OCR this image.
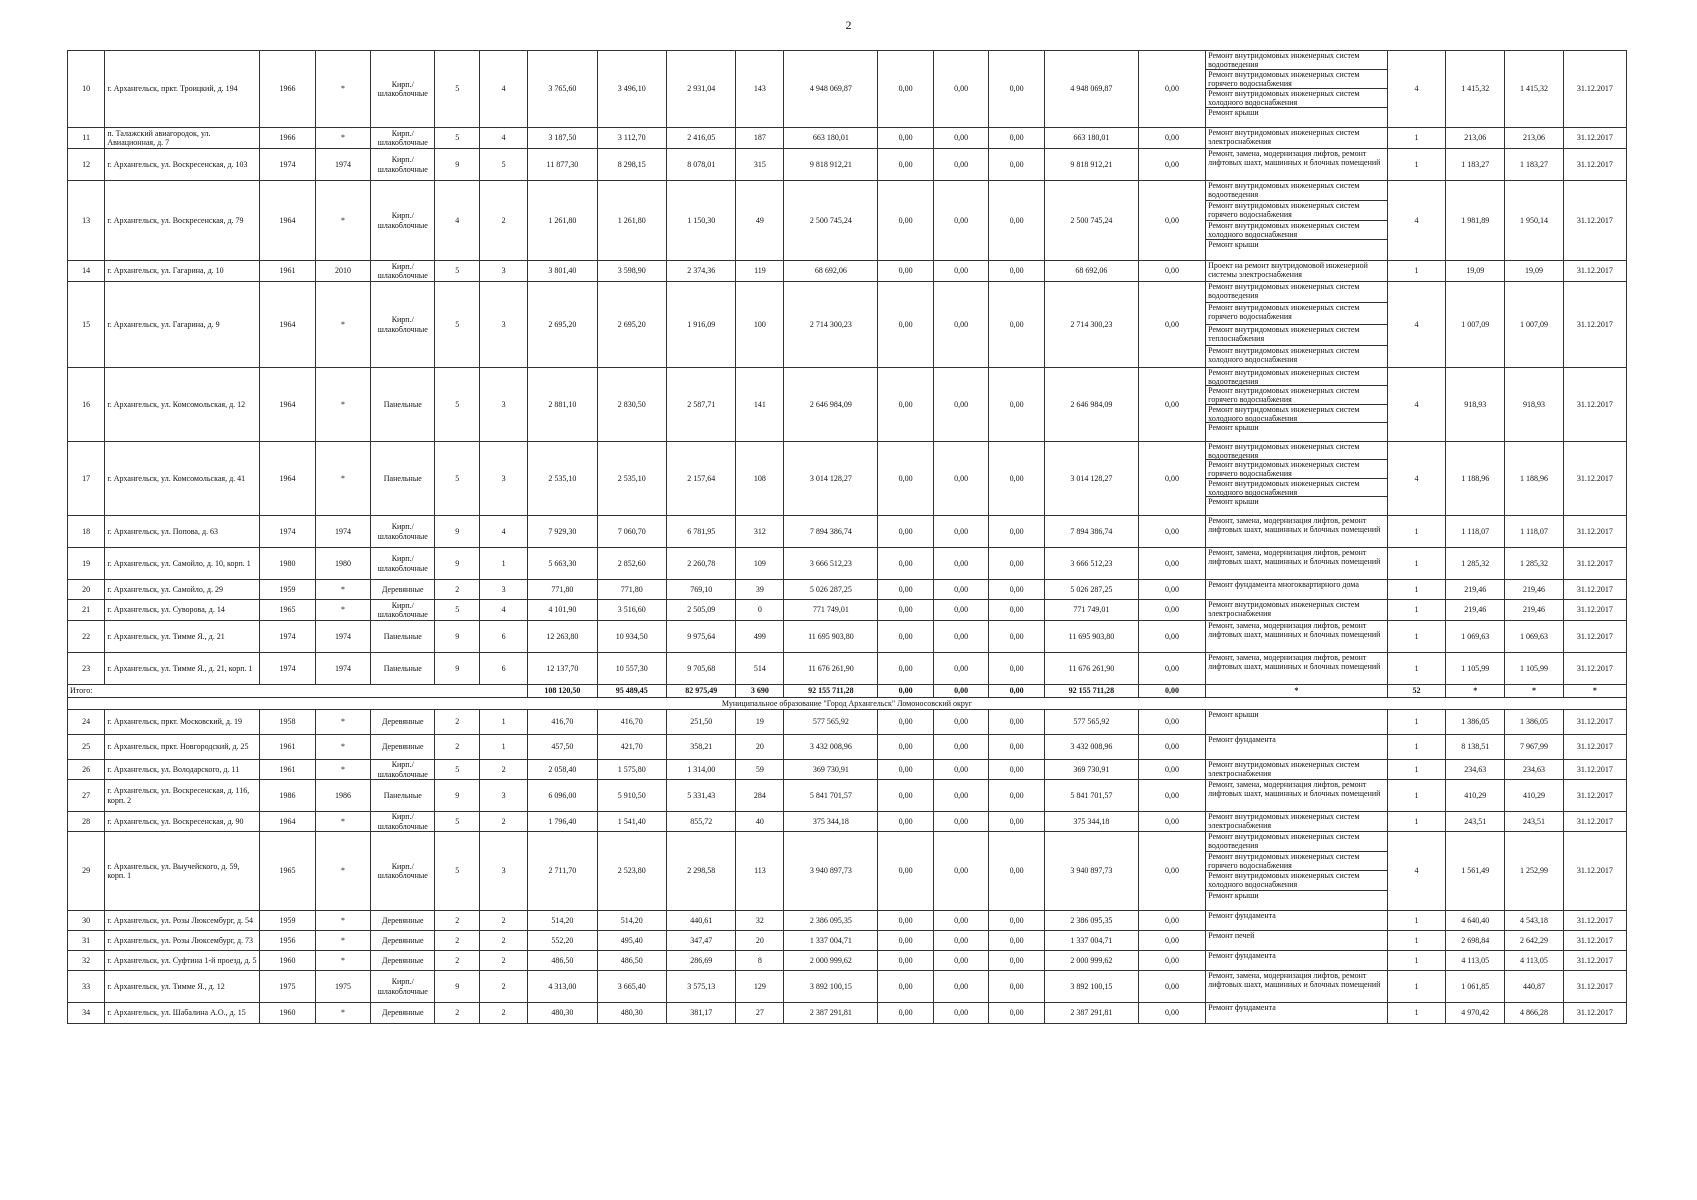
2
10	г. Архангельск, пркт. Троицкий, д. 194	1966	*	Кирп./ шлакоблочные	5	4	3 765,60	3 496,10	2 931,04	143	4 948 069,87	0,00	0,00	0,00	4 948 069,87	0,00	Ремонт внутридомовых инженерных систем водоотведения
Ремонт внутридомовых инженерных систем горячего водоснабжения
Ремонт внутридомовых инженерных систем холодного водоснабжения
Ремонт крыши	4	1 415,32	1 415,32	31.12.2017
11	п. Талажский авиагородок, ул. Авиационная, д. 7	1966	*	Кирп./ шлакоблочные	5	4	3 187,50	3 112,70	2 416,05	187	663 180,01	0,00	0,00	0,00	663 180,01	0,00	Ремонт внутридомовых инженерных систем электроснабжения	1	213,06	213,06	31.12.2017
12	г. Архангельск, ул. Воскресенская, д. 103	1974	1974	Кирп./ шлакоблочные	9	5	11 877,30	8 298,15	8 078,01	315	9 818 912,21	0,00	0,00	0,00	9 818 912,21	0,00	Ремонт, замена, модернизация лифтов, ремонт лифтовых шахт, машинных и блочных помещений	1	1 183,27	1 183,27	31.12.2017
13	г. Архангельск, ул. Воскресенская, д. 79	1964	*	Кирп./ шлакоблочные	4	2	1 261,80	1 261,80	1 150,30	49	2 500 745,24	0,00	0,00	0,00	2 500 745,24	0,00	Ремонт внутридомовых инженерных систем водоотведения
Ремонт внутридомовых инженерных систем горячего водоснабжения
Ремонт внутридомовых инженерных систем холодного водоснабжения
Ремонт крыши	4	1 981,89	1 950,14	31.12.2017
14	г. Архангельск, ул. Гагарина, д. 10	1961	2010	Кирп./ шлакоблочные	5	3	3 801,40	3 598,90	2 374,36	119	68 692,06	0,00	0,00	0,00	68 692,06	0,00	Проект на ремонт внутридомовой инженерной системы электроснабжения	1	19,09	19,09	31.12.2017
15	г. Архангельск, ул. Гагарина, д. 9	1964	*	Кирп./ шлакоблочные	5	3	2 695,20	2 695,20	1 916,09	100	2 714 300,23	0,00	0,00	0,00	2 714 300,23	0,00	Ремонт внутридомовых инженерных систем водоотведения
Ремонт внутридомовых инженерных систем горячего водоснабжения
Ремонт внутридомовых инженерных систем теплоснабжения
Ремонт внутридомовых инженерных систем холодного водоснабжения	4	1 007,09	1 007,09	31.12.2017
16	г. Архангельск, ул. Комсомольская, д. 12	1964	*	Панельные	5	3	2 881,10	2 830,50	2 587,71	141	2 646 984,09	0,00	0,00	0,00	2 646 984,09	0,00	Ремонт внутридомовых инженерных систем водоотведения
Ремонт внутридомовых инженерных систем горячего водоснабжения
Ремонт внутридомовых инженерных систем холодного водоснабжения
Ремонт крыши	4	918,93	918,93	31.12.2017
17	г. Архангельск, ул. Комсомольская, д. 41	1964	*	Панельные	5	3	2 535,10	2 535,10	2 157,64	108	3 014 128,27	0,00	0,00	0,00	3 014 128,27	0,00	Ремонт внутридомовых инженерных систем водоотведения
Ремонт внутридомовых инженерных систем горячего водоснабжения
Ремонт внутридомовых инженерных систем холодного водоснабжения
Ремонт крыши	4	1 188,96	1 188,96	31.12.2017
18	г. Архангельск, ул. Попова, д. 63	1974	1974	Кирп./ шлакоблочные	9	4	7 929,30	7 060,70	6 781,95	312	7 894 386,74	0,00	0,00	0,00	7 894 386,74	0,00	Ремонт, замена, модернизация лифтов, ремонт лифтовых шахт, машинных и блочных помещений	1	1 118,07	1 118,07	31.12.2017
19	г. Архангельск, ул. Самойло, д. 10, корп. 1	1980	1980	Кирп./ шлакоблочные	9	1	5 663,30	2 852,60	2 260,78	109	3 666 512,23	0,00	0,00	0,00	3 666 512,23	0,00	Ремонт, замена, модернизация лифтов, ремонт лифтовых шахт, машинных и блочных помещений	1	1 285,32	1 285,32	31.12.2017
20	г. Архангельск, ул. Самойло, д. 29	1959	*	Деревянные	2	3	771,80	771,80	769,10	39	5 026 287,25	0,00	0,00	0,00	5 026 287,25	0,00	Ремонт фундамента многоквартирного дома	1	219,46	219,46	31.12.2017
21	г. Архангельск, ул. Суворова, д. 14	1965	*	Кирп./ шлакоблочные	5	4	4 101,90	3 516,60	2 505,09	0	771 749,01	0,00	0,00	0,00	771 749,01	0,00	Ремонт внутридомовых инженерных систем электроснабжения	1	219,46	219,46	31.12.2017
22	г. Архангельск, ул. Тимме Я., д. 21	1974	1974	Панельные	9	6	12 263,80	10 934,50	9 975,64	499	11 695 903,80	0,00	0,00	0,00	11 695 903,80	0,00	Ремонт, замена, модернизация лифтов, ремонт лифтовых шахт, машинных и блочных помещений	1	1 069,63	1 069,63	31.12.2017
23	г. Архангельск, ул. Тимме Я., д. 21, корп. 1	1974	1974	Панельные	9	6	12 137,70	10 557,30	9 705,68	514	11 676 261,90	0,00	0,00	0,00	11 676 261,90	0,00	Ремонт, замена, модернизация лифтов, ремонт лифтовых шахт, машинных и блочных помещений	1	1 105,99	1 105,99	31.12.2017
Итого:							108 120,50	95 489,45	82 975,49	3 690	92 155 711,28	0,00	0,00	0,00	92 155 711,28	0,00	*	52	*	*	*
Муниципальное образование "Город Архангельск" Ломоносовский округ																					
24	г. Архангельск, пркт. Московский, д. 19	1958	*	Деревянные	2	1	416,70	416,70	251,50	19	577 565,92	0,00	0,00	0,00	577 565,92	0,00	Ремонт крыши	1	1 386,05	1 386,05	31.12.2017
25	г. Архангельск, пркт. Новгородский, д. 25	1961	*	Деревянные	2	1	457,50	421,70	358,21	20	3 432 008,96	0,00	0,00	0,00	3 432 008,96	0,00	Ремонт фундамента	1	8 138,51	7 967,99	31.12.2017
26	г. Архангельск, ул. Володарского, д. 11	1961	*	Кирп./ шлакоблочные	5	2	2 058,40	1 575,80	1 314,00	59	369 730,91	0,00	0,00	0,00	369 730,91	0,00	Ремонт внутридомовых инженерных систем электроснабжения	1	234,63	234,63	31.12.2017
27	г. Архангельск, ул. Воскресенская, д. 116, корп. 2	1986	1986	Панельные	9	3	6 096,00	5 910,50	5 331,43	284	5 841 701,57	0,00	0,00	0,00	5 841 701,57	0,00	Ремонт, замена, модернизация лифтов, ремонт лифтовых шахт, машинных и блочных помещений	1	410,29	410,29	31.12.2017
28	г. Архангельск, ул. Воскресенская, д. 90	1964	*	Кирп./ шлакоблочные	5	2	1 796,40	1 541,40	855,72	40	375 344,18	0,00	0,00	0,00	375 344,18	0,00	Ремонт внутридомовых инженерных систем электроснабжения	1	243,51	243,51	31.12.2017
29	г. Архангельск, ул. Выучейского, д. 59, корп. 1	1965	*	Кирп./ шлакоблочные	5	3	2 711,70	2 523,80	2 298,58	113	3 940 897,73	0,00	0,00	0,00	3 940 897,73	0,00	Ремонт внутридомовых инженерных систем водоотведения
Ремонт внутридомовых инженерных систем горячего водоснабжения
Ремонт внутридомовых инженерных систем холодного водоснабжения
Ремонт крыши	4	1 561,49	1 252,99	31.12.2017
30	г. Архангельск, ул. Розы Люксембург, д. 54	1959	*	Деревянные	2	2	514,20	514,20	440,61	32	2 386 095,35	0,00	0,00	0,00	2 386 095,35	0,00	Ремонт фундамента	1	4 640,40	4 543,18	31.12.2017
31	г. Архангельск, ул. Розы Люксембург, д. 73	1956	*	Деревянные	2	2	552,20	495,40	347,47	20	1 337 004,71	0,00	0,00	0,00	1 337 004,71	0,00	Ремонт печей	1	2 698,84	2 642,29	31.12.2017
32	г. Архангельск, ул. Суфтина 1-й проезд, д. 5	1960	*	Деревянные	2	2	486,50	486,50	286,69	8	2 000 999,62	0,00	0,00	0,00	2 000 999,62	0,00	Ремонт фундамента	1	4 113,05	4 113,05	31.12.2017
33	г. Архангельск, ул. Тимме Я., д. 12	1975	1975	Кирп./ шлакоблочные	9	2	4 313,00	3 665,40	3 575,13	129	3 892 100,15	0,00	0,00	0,00	3 892 100,15	0,00	Ремонт, замена, модернизация лифтов, ремонт лифтовых шахт, машинных и блочных помещений	1	1 061,85	440,87	31.12.2017
34	г. Архангельск, ул. Шабалина А.О., д. 15	1960	*	Деревянные	2	2	480,30	480,30	381,17	27	2 387 291,81	0,00	0,00	0,00	2 387 291,81	0,00	Ремонт фундамента	1	4 970,42	4 866,28	31.12.2017
